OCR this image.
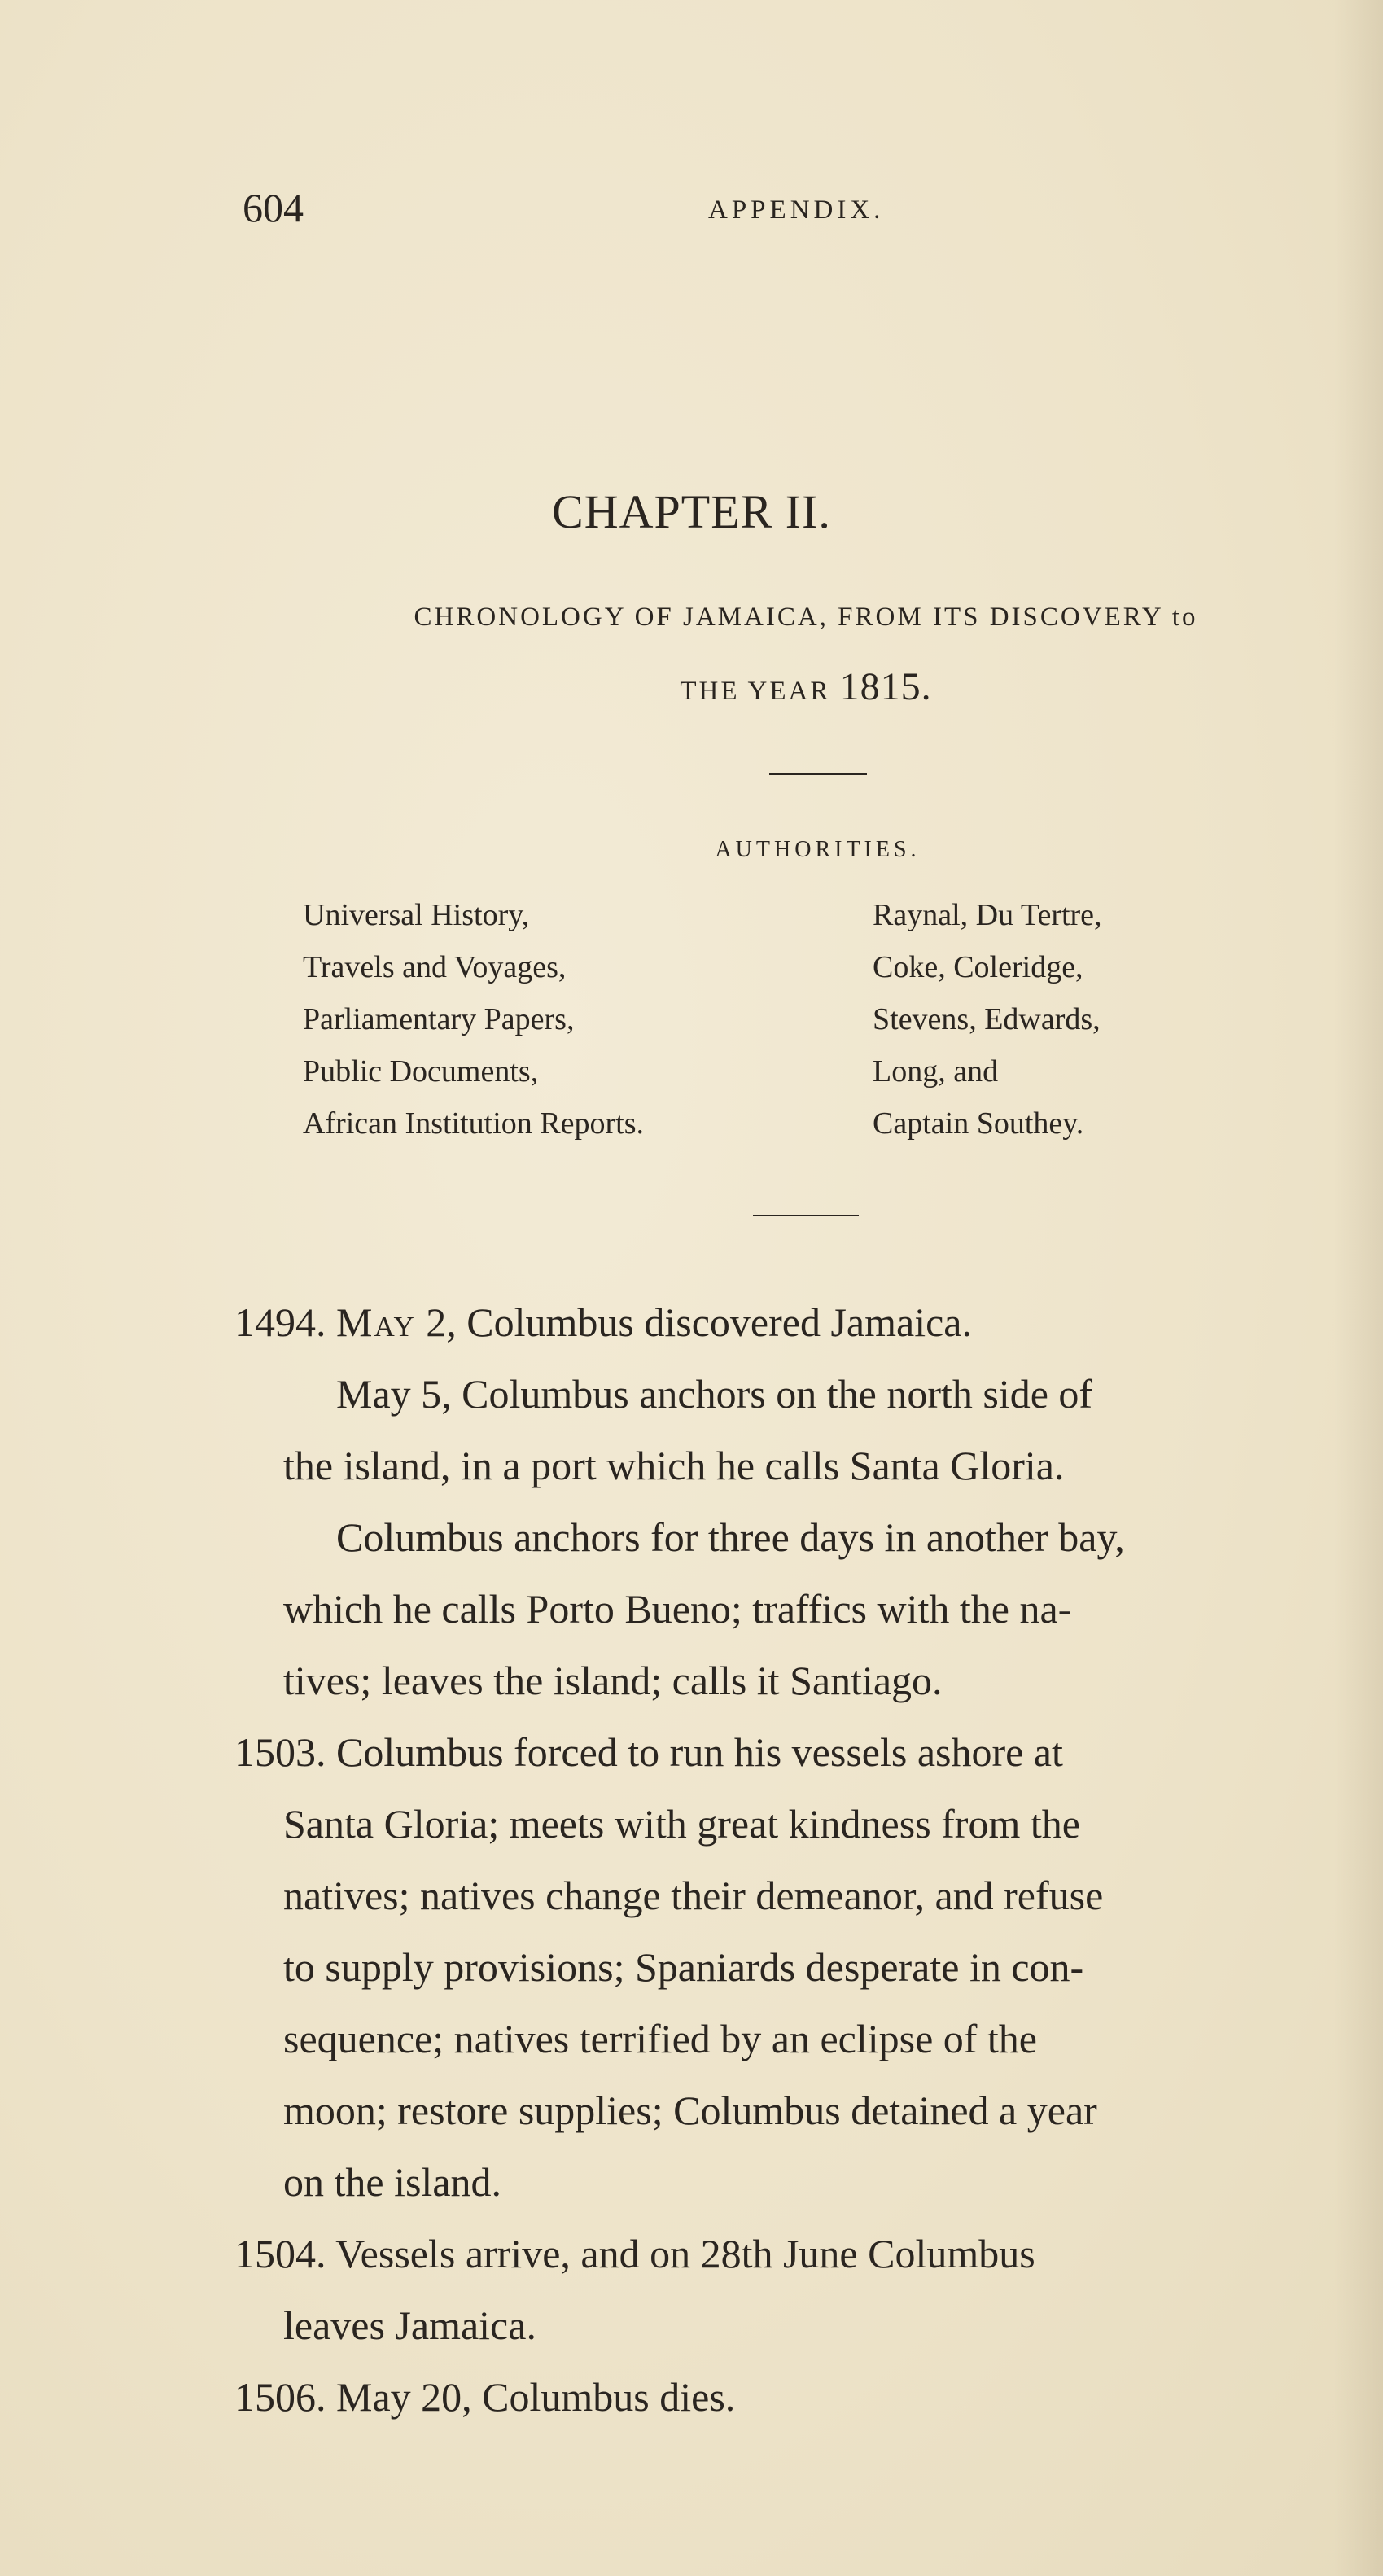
604	APPENDIX.
CHAPTER II.
CHRONOLOGY OF JAMAICA, FROM ITS DISCOVERY to
THE YEAR 1815.
AUTHORITIES.
Universal History,	Raynal, Du Tertre,
Travels and Voyages,	Coke, Coleridge,
Parliamentary Papers,	Stevens, Edwards,
Public Documents,	Long, and
African Institution Reports.	Captain Southey.
1494. May 2, Columbus discovered Jamaica.
May 5, Columbus anchors on the north side of
the island, in a port which he calls Santa Gloria.
Columbus anchors for three days in another bay,
which he calls Porto Bueno; traffics with the na-
tives; leaves the island; calls it Santiago.
1503. Columbus forced to run his vessels ashore at
Santa Gloria; meets with great kindness from the
natives; natives change their demeanor, and refuse
to supply provisions; Spaniards desperate in con-
sequence; natives terrified by an eclipse of the
moon; restore supplies; Columbus detained a year
on the island.
1504. Vessels arrive, and on 28th June Columbus
leaves Jamaica.
1506. May 20, Columbus dies.
